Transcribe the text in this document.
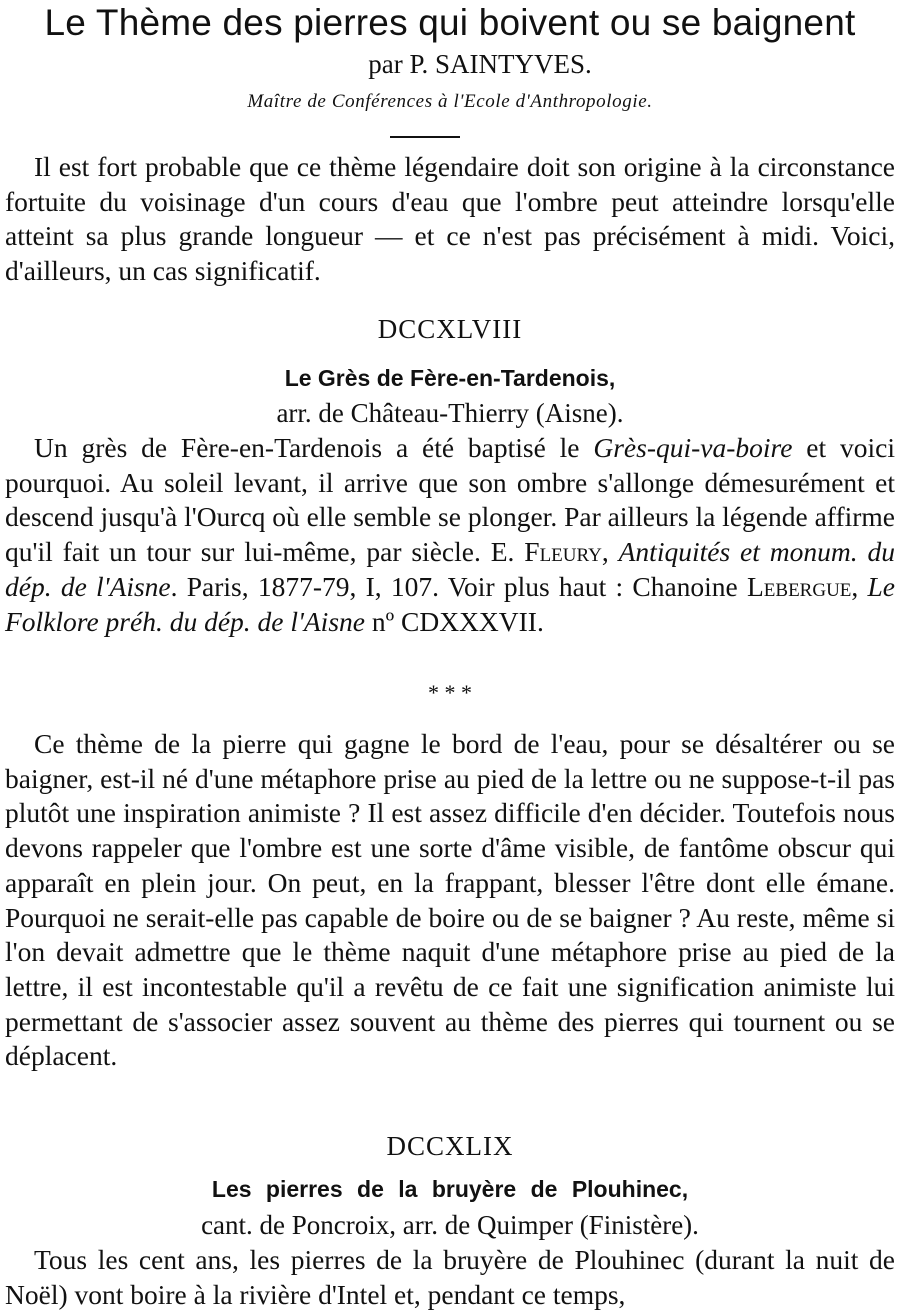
Le Thème des pierres qui boivent ou se baignent
par P. SAINTYVES.
Maître de Conférences à l'Ecole d'Anthropologie.
Il est fort probable que ce thème légendaire doit son origine à la circonstance fortuite du voisinage d'un cours d'eau que l'ombre peut atteindre lorsqu'elle atteint sa plus grande longueur — et ce n'est pas précisément à midi. Voici, d'ailleurs, un cas significatif.
DCCXLVIII
Le Grès de Fère-en-Tardenois,
arr. de Château-Thierry (Aisne).
Un grès de Fère-en-Tardenois a été baptisé le Grès-qui-va-boire et voici pourquoi. Au soleil levant, il arrive que son ombre s'allonge démesurément et descend jusqu'à l'Ourcq où elle semble se plonger. Par ailleurs la légende affirme qu'il fait un tour sur lui-même, par siècle. E. Fleury, Antiquités et monum. du dép. de l'Aisne. Paris, 1877-79, I, 107. Voir plus haut : Chanoine Lebergue, Le Folklore préh. du dép. de l'Aisne nº CDXXXVII.
* * *
Ce thème de la pierre qui gagne le bord de l'eau, pour se désaltérer ou se baigner, est-il né d'une métaphore prise au pied de la lettre ou ne suppose-t-il pas plutôt une inspiration animiste ? Il est assez difficile d'en décider. Toutefois nous devons rappeler que l'ombre est une sorte d'âme visible, de fantôme obscur qui apparaît en plein jour. On peut, en la frappant, blesser l'être dont elle émane. Pourquoi ne serait-elle pas capable de boire ou de se baigner ? Au reste, même si l'on devait admettre que le thème naquit d'une métaphore prise au pied de la lettre, il est incontestable qu'il a revêtu de ce fait une signification animiste lui permettant de s'associer assez souvent au thème des pierres qui tournent ou se déplacent.
DCCXLIX
Les pierres de la bruyère de Plouhinec,
cant. de Poncroix, arr. de Quimper (Finistère).
Tous les cent ans, les pierres de la bruyère de Plouhinec (durant la nuit de Noël) vont boire à la rivière d'Intel et, pendant ce temps,
